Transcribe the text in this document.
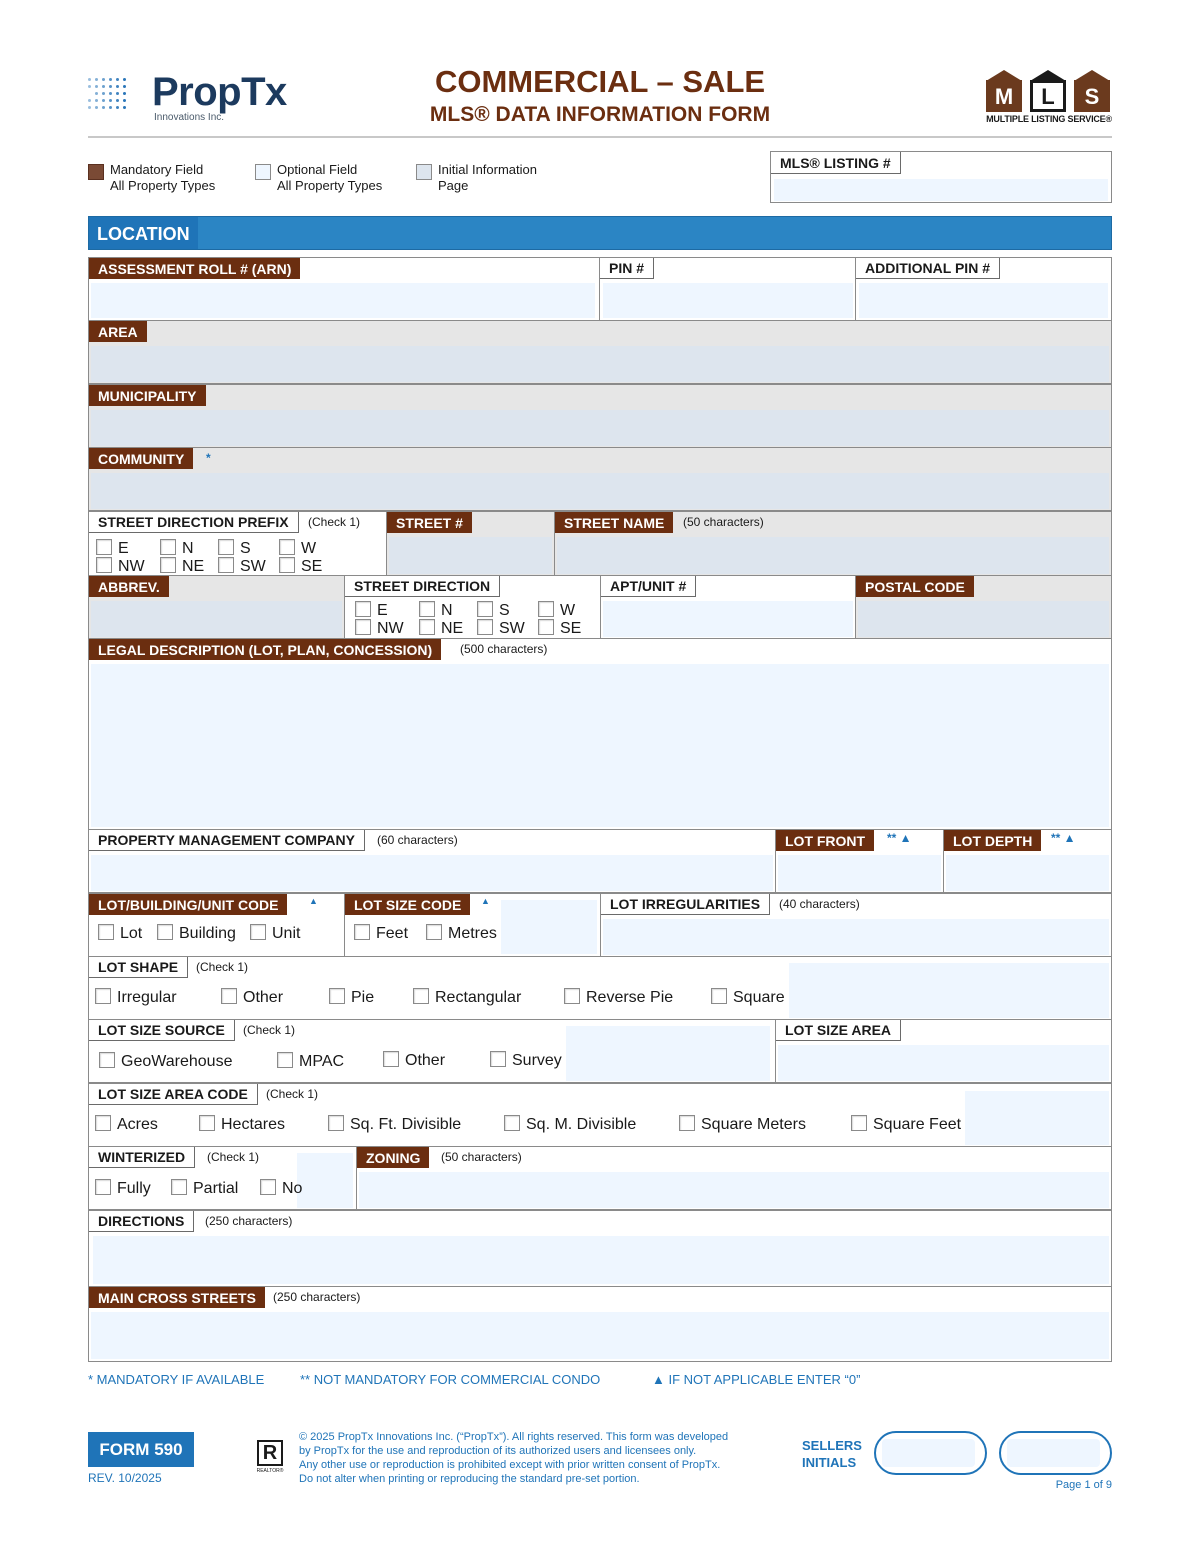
PropTx
Innovations Inc.
COMMERCIAL – SALE
MLS® DATA INFORMATION FORM
M	L	S
MULTIPLE LISTING SERVICE®
Mandatory Field
All Property Types
Optional Field
All Property Types
Initial Information
Page
MLS® LISTING #
LOCATION
ASSESSMENT ROLL # (ARN)	PIN #	ADDITIONAL PIN #
AREA
MUNICIPALITY
COMMUNITY	*
STREET DIRECTION PREFIX	(Check 1)
E	N	S	W
NW	NE	SW	SE
STREET #	STREET NAME	(50 characters)
ABBREV.	STREET DIRECTION
E	N	S	W
NW	NE	SW	SE
APT/UNIT #	POSTAL CODE
LEGAL DESCRIPTION (LOT, PLAN, CONCESSION)	(500 characters)
PROPERTY MANAGEMENT COMPANY	(60 characters)	LOT FRONT	** ▲	LOT DEPTH	** ▲
LOT/BUILDING/UNIT CODE	▲
Lot	Building	Unit
LOT SIZE CODE	▲
Feet	Metres
LOT IRREGULARITIES	(40 characters)
LOT SHAPE	(Check 1)
Irregular	Other	Pie	Rectangular	Reverse Pie	Square
LOT SIZE SOURCE	(Check 1)
GeoWarehouse	MPAC	Other	Survey
LOT SIZE AREA
LOT SIZE AREA CODE	(Check 1)
Acres	Hectares	Sq. Ft. Divisible	Sq. M. Divisible	Square Meters	Square Feet
WINTERIZED	(Check 1)
Fully	Partial	No
ZONING	(50 characters)
DIRECTIONS	(250 characters)
MAIN CROSS STREETS	(250 characters)
* MANDATORY IF AVAILABLE	** NOT MANDATORY FOR COMMERCIAL CONDO	▲ IF NOT APPLICABLE ENTER “0”
FORM 590
REV. 10/2025
R
REALTOR®
© 2025 PropTx Innovations Inc. (“PropTx”). All rights reserved. This form was developed
by PropTx for the use and reproduction of its authorized users and licensees only.
Any other use or reproduction is prohibited except with prior written consent of PropTx.
Do not alter when printing or reproducing the standard pre-set portion.
SELLERS
INITIALS
Page 1 of 9
